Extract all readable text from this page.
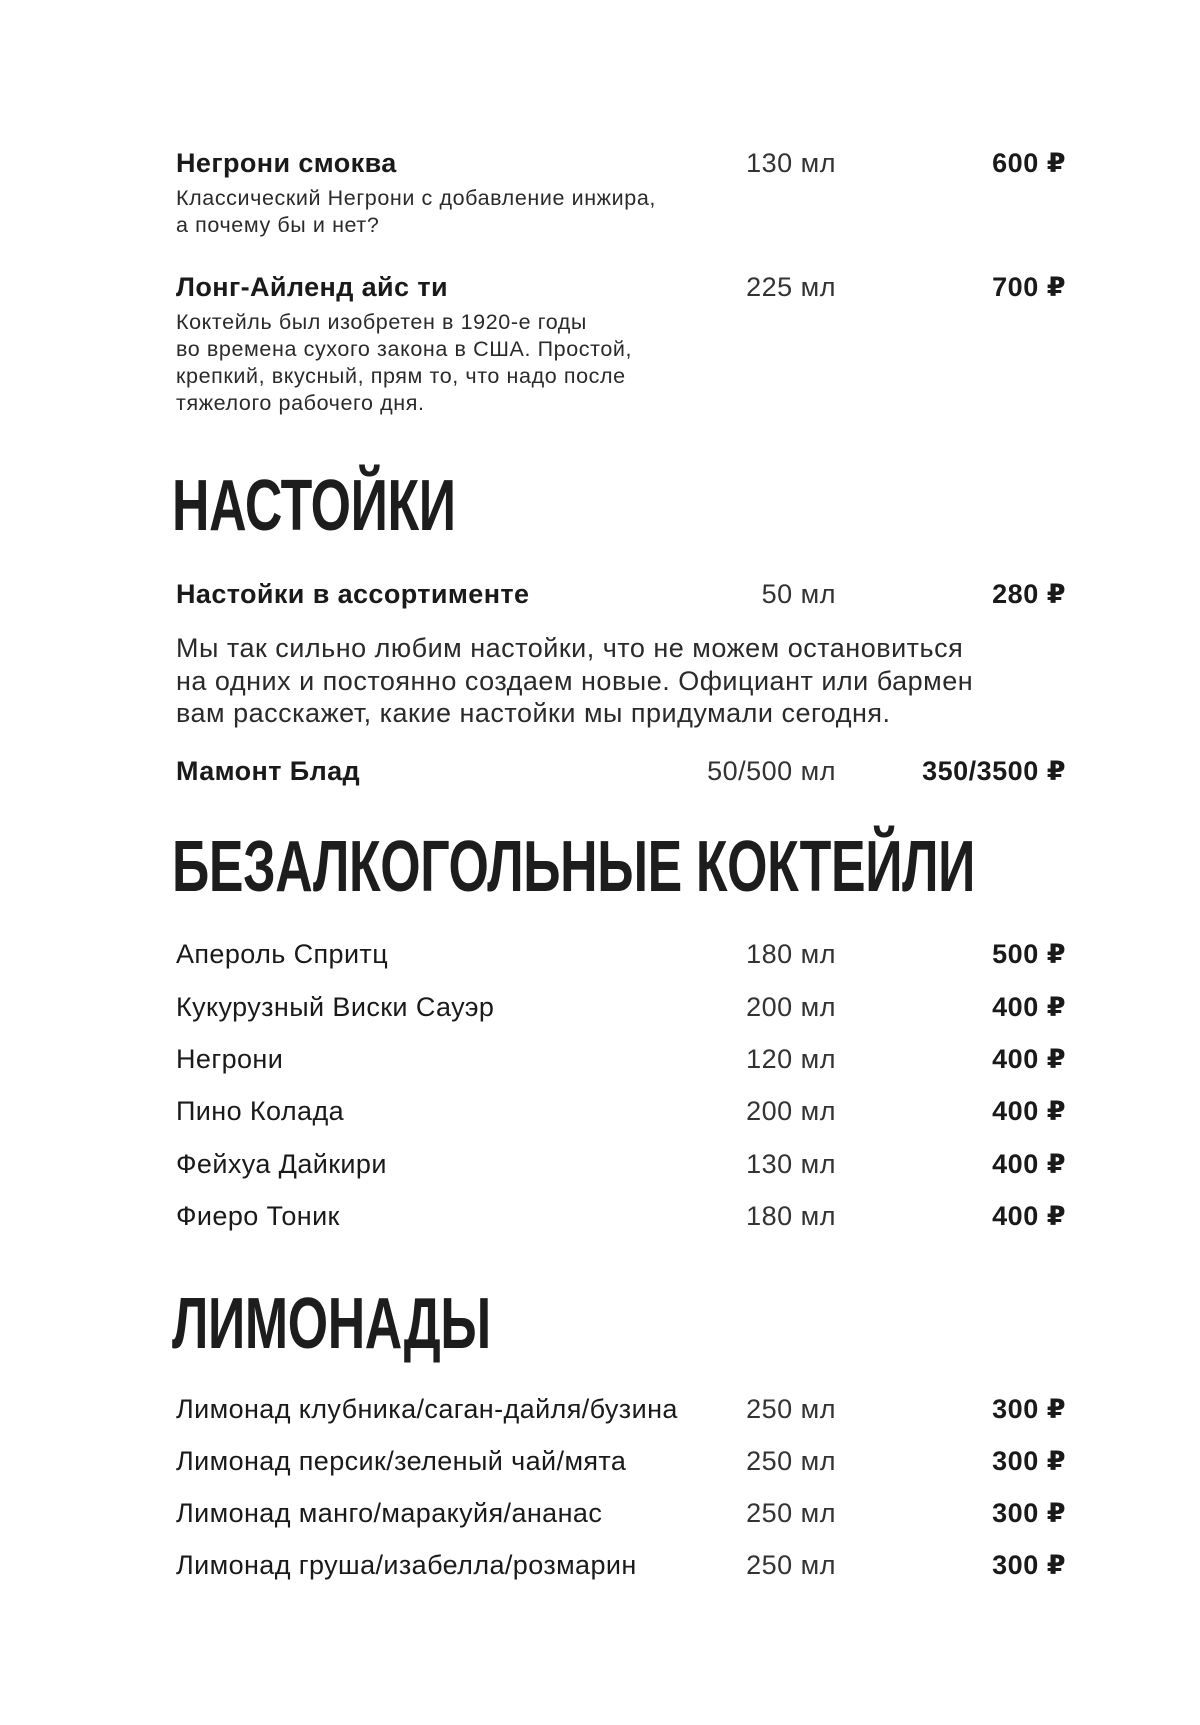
Негрони смоква	130 мл	600 ₽
Классический Негрони с добавление инжира,
а почему бы и нет?
Лонг-Айленд айс ти	225 мл	700 ₽
Коктейль был изобретен в 1920-е годы
во времена сухого закона в США. Простой,
крепкий, вкусный, прям то, что надо после
тяжелого рабочего дня.
НАСТОЙКИ
Настойки в ассортименте	50 мл	280 ₽
Мы так сильно любим настойки, что не можем остановиться
на одних и постоянно создаем новые. Официант или бармен
вам расскажет, какие настойки мы придумали сегодня.
Мамонт Блад	50/500 мл	350/3500 ₽
БЕЗАЛКОГОЛЬНЫЕ КОКТЕЙЛИ
Апероль Спритц	180 мл	500 ₽
Кукурузный Виски Сауэр	200 мл	400 ₽
Негрони	120 мл	400 ₽
Пино Колада	200 мл	400 ₽
Фейхуа Дайкири	130 мл	400 ₽
Фиеро Тоник	180 мл	400 ₽
ЛИМОНАДЫ
Лимонад клубника/саган-дайля/бузина	250 мл	300 ₽
Лимонад персик/зеленый чай/мята	250 мл	300 ₽
Лимонад манго/маракуйя/ананас	250 мл	300 ₽
Лимонад груша/изабелла/розмарин	250 мл	300 ₽
